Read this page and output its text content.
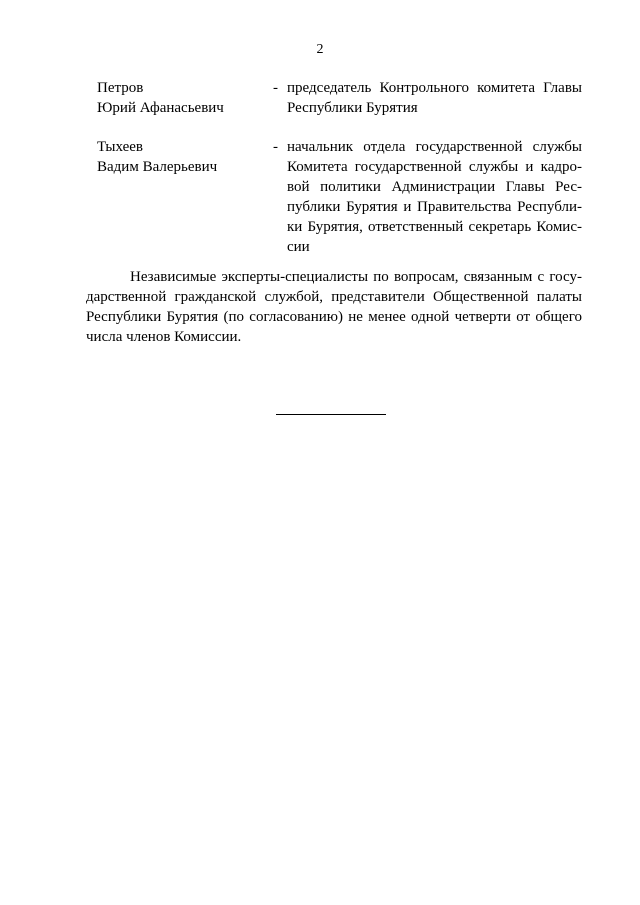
2
Петров
Юрий Афанасьевич
- председатель Контрольного комитета Главы
Республики Бурятия
Тыхеев
Вадим Валерьевич
- начальник отдела государственной службы
Комитета государственной службы и кадро-
вой политики Администрации Главы Рес-
публики Бурятия и Правительства Республи-
ки Бурятия, ответственный секретарь Комис-
сии
Независимые эксперты-специалисты по вопросам, связанным с госу-
дарственной гражданской службой, представители Общественной палаты
Республики Бурятия (по согласованию) не менее одной четверти от общего
числа членов Комиссии.
